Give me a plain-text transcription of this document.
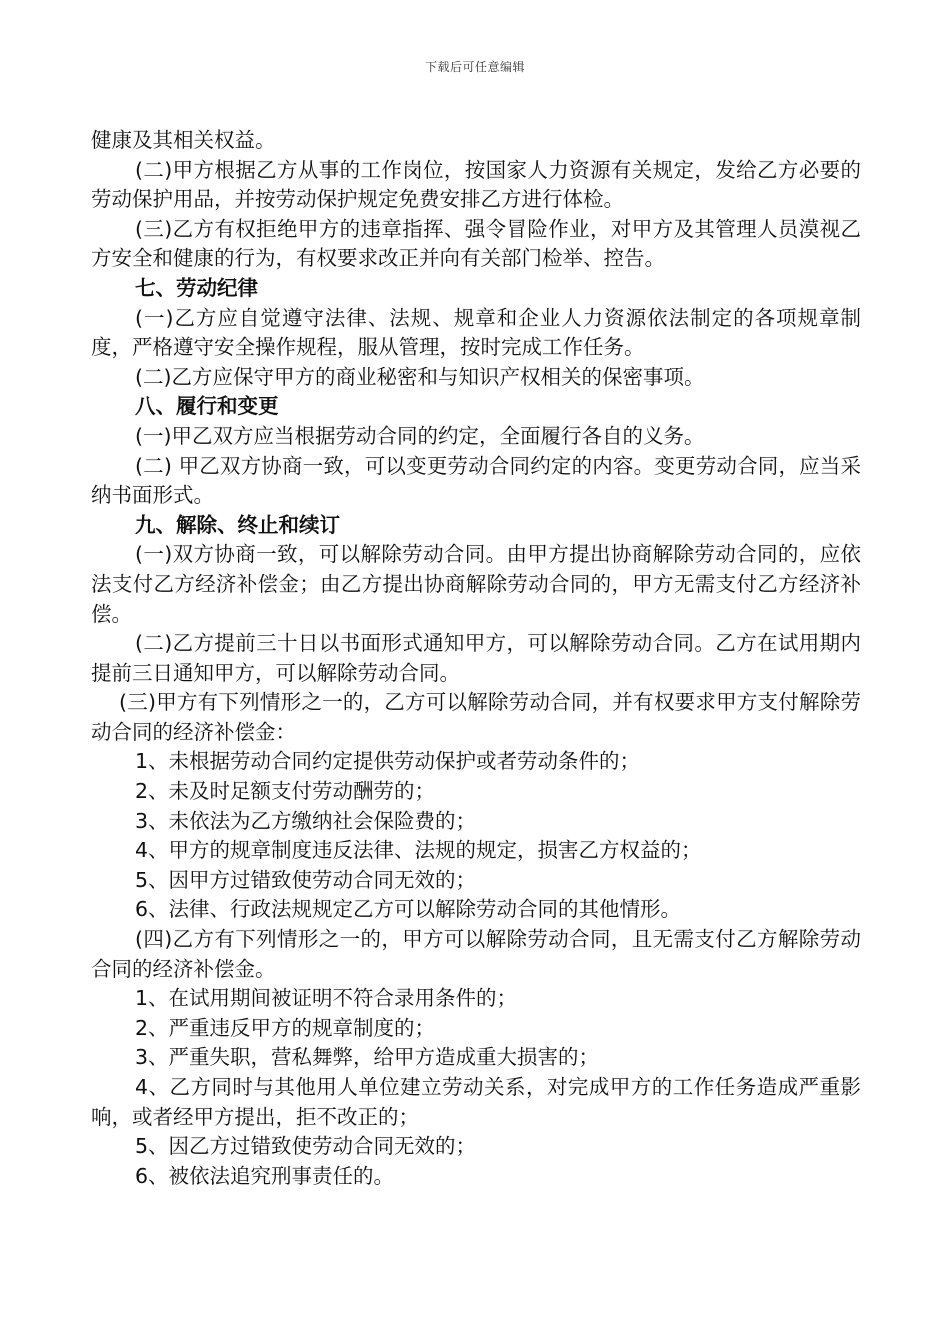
下载后可任意编辑

健康及其相关权益。

(二)甲方根据乙方从事的工作岗位，按国家人力资源有关规定，发给乙方必要的劳动保护用品，并按劳动保护规定免费安排乙方进行体检。

(三)乙方有权拒绝甲方的违章指挥、强令冒险作业，对甲方及其管理人员漠视乙方安全和健康的行为，有权要求改正并向有关部门检举、控告。

七、劳动纪律

(一)乙方应自觉遵守法律、法规、规章和企业人力资源依法制定的各项规章制度，严格遵守安全操作规程，服从管理，按时完成工作任务。

(二)乙方应保守甲方的商业秘密和与知识产权相关的保密事项。

八、履行和变更

(一)甲乙双方应当根据劳动合同的约定，全面履行各自的义务。

(二) 甲乙双方协商一致，可以变更劳动合同约定的内容。变更劳动合同，应当采纳书面形式。

九、解除、终止和续订

(一)双方协商一致，可以解除劳动合同。由甲方提出协商解除劳动合同的，应依法支付乙方经济补偿金；由乙方提出协商解除劳动合同的，甲方无需支付乙方经济补偿。

(二)乙方提前三十日以书面形式通知甲方，可以解除劳动合同。乙方在试用期内提前三日通知甲方，可以解除劳动合同。

(三)甲方有下列情形之一的，乙方可以解除劳动合同，并有权要求甲方支付解除劳动合同的经济补偿金：

1、未根据劳动合同约定提供劳动保护或者劳动条件的；

2、未及时足额支付劳动酬劳的；

3、未依法为乙方缴纳社会保险费的；

4、甲方的规章制度违反法律、法规的规定，损害乙方权益的；

5、因甲方过错致使劳动合同无效的；

6、法律、行政法规规定乙方可以解除劳动合同的其他情形。

(四)乙方有下列情形之一的，甲方可以解除劳动合同，且无需支付乙方解除劳动合同的经济补偿金。

1、在试用期间被证明不符合录用条件的；

2、严重违反甲方的规章制度的；

3、严重失职，营私舞弊，给甲方造成重大损害的；

4、乙方同时与其他用人单位建立劳动关系，对完成甲方的工作任务造成严重影响，或者经甲方提出，拒不改正的；

5、因乙方过错致使劳动合同无效的；

6、被依法追究刑事责任的。
